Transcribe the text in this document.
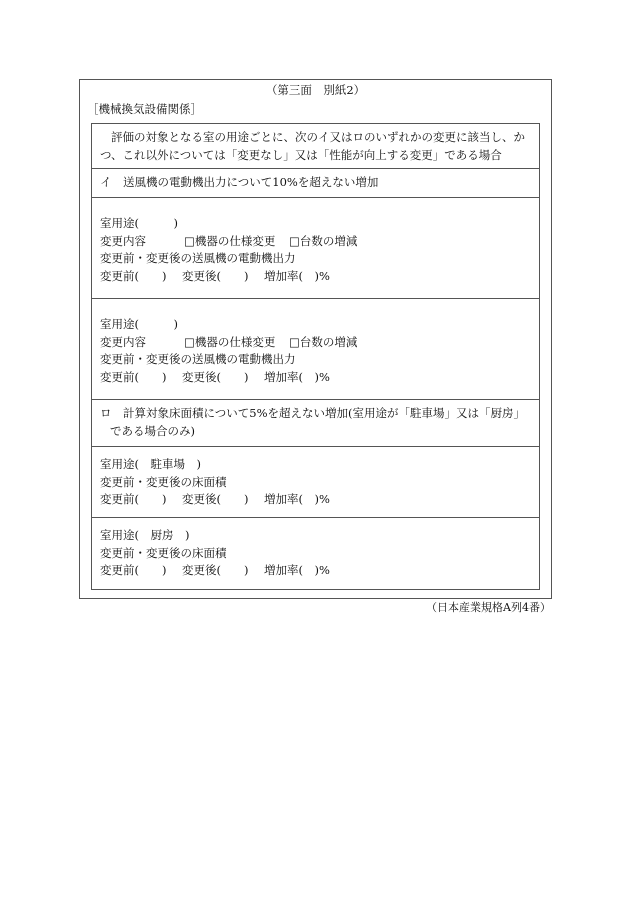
（第三面　別紙2）
［機械換気設備関係］
評価の対象となる室の用途ごとに、次のイ又はロのいずれかの変更に該当し、か
つ、これ以外については「変更なし」又は「性能が向上する変更」である場合
イ　送風機の電動機出力について10%を超えない増加
室用途(　　　)
変更内容	□機器の仕様変更 □台数の増減
変更前・変更後の送風機の電動機出力
変更前(　　) 変更後(　　) 増加率(　)%
室用途(　　　)
変更内容	□機器の仕様変更 □台数の増減
変更前・変更後の送風機の電動機出力
変更前(　　) 変更後(　　) 増加率(　)%
ロ　計算対象床面積について5%を超えない増加(室用途が「駐車場」又は「厨房」
である場合のみ)
室用途(　駐車場　)
変更前・変更後の床面積
変更前(　　) 変更後(　　) 増加率(　)%
室用途(　厨房　)
変更前・変更後の床面積
変更前(　　) 変更後(　　) 増加率(　)%
（日本産業規格A列4番）
